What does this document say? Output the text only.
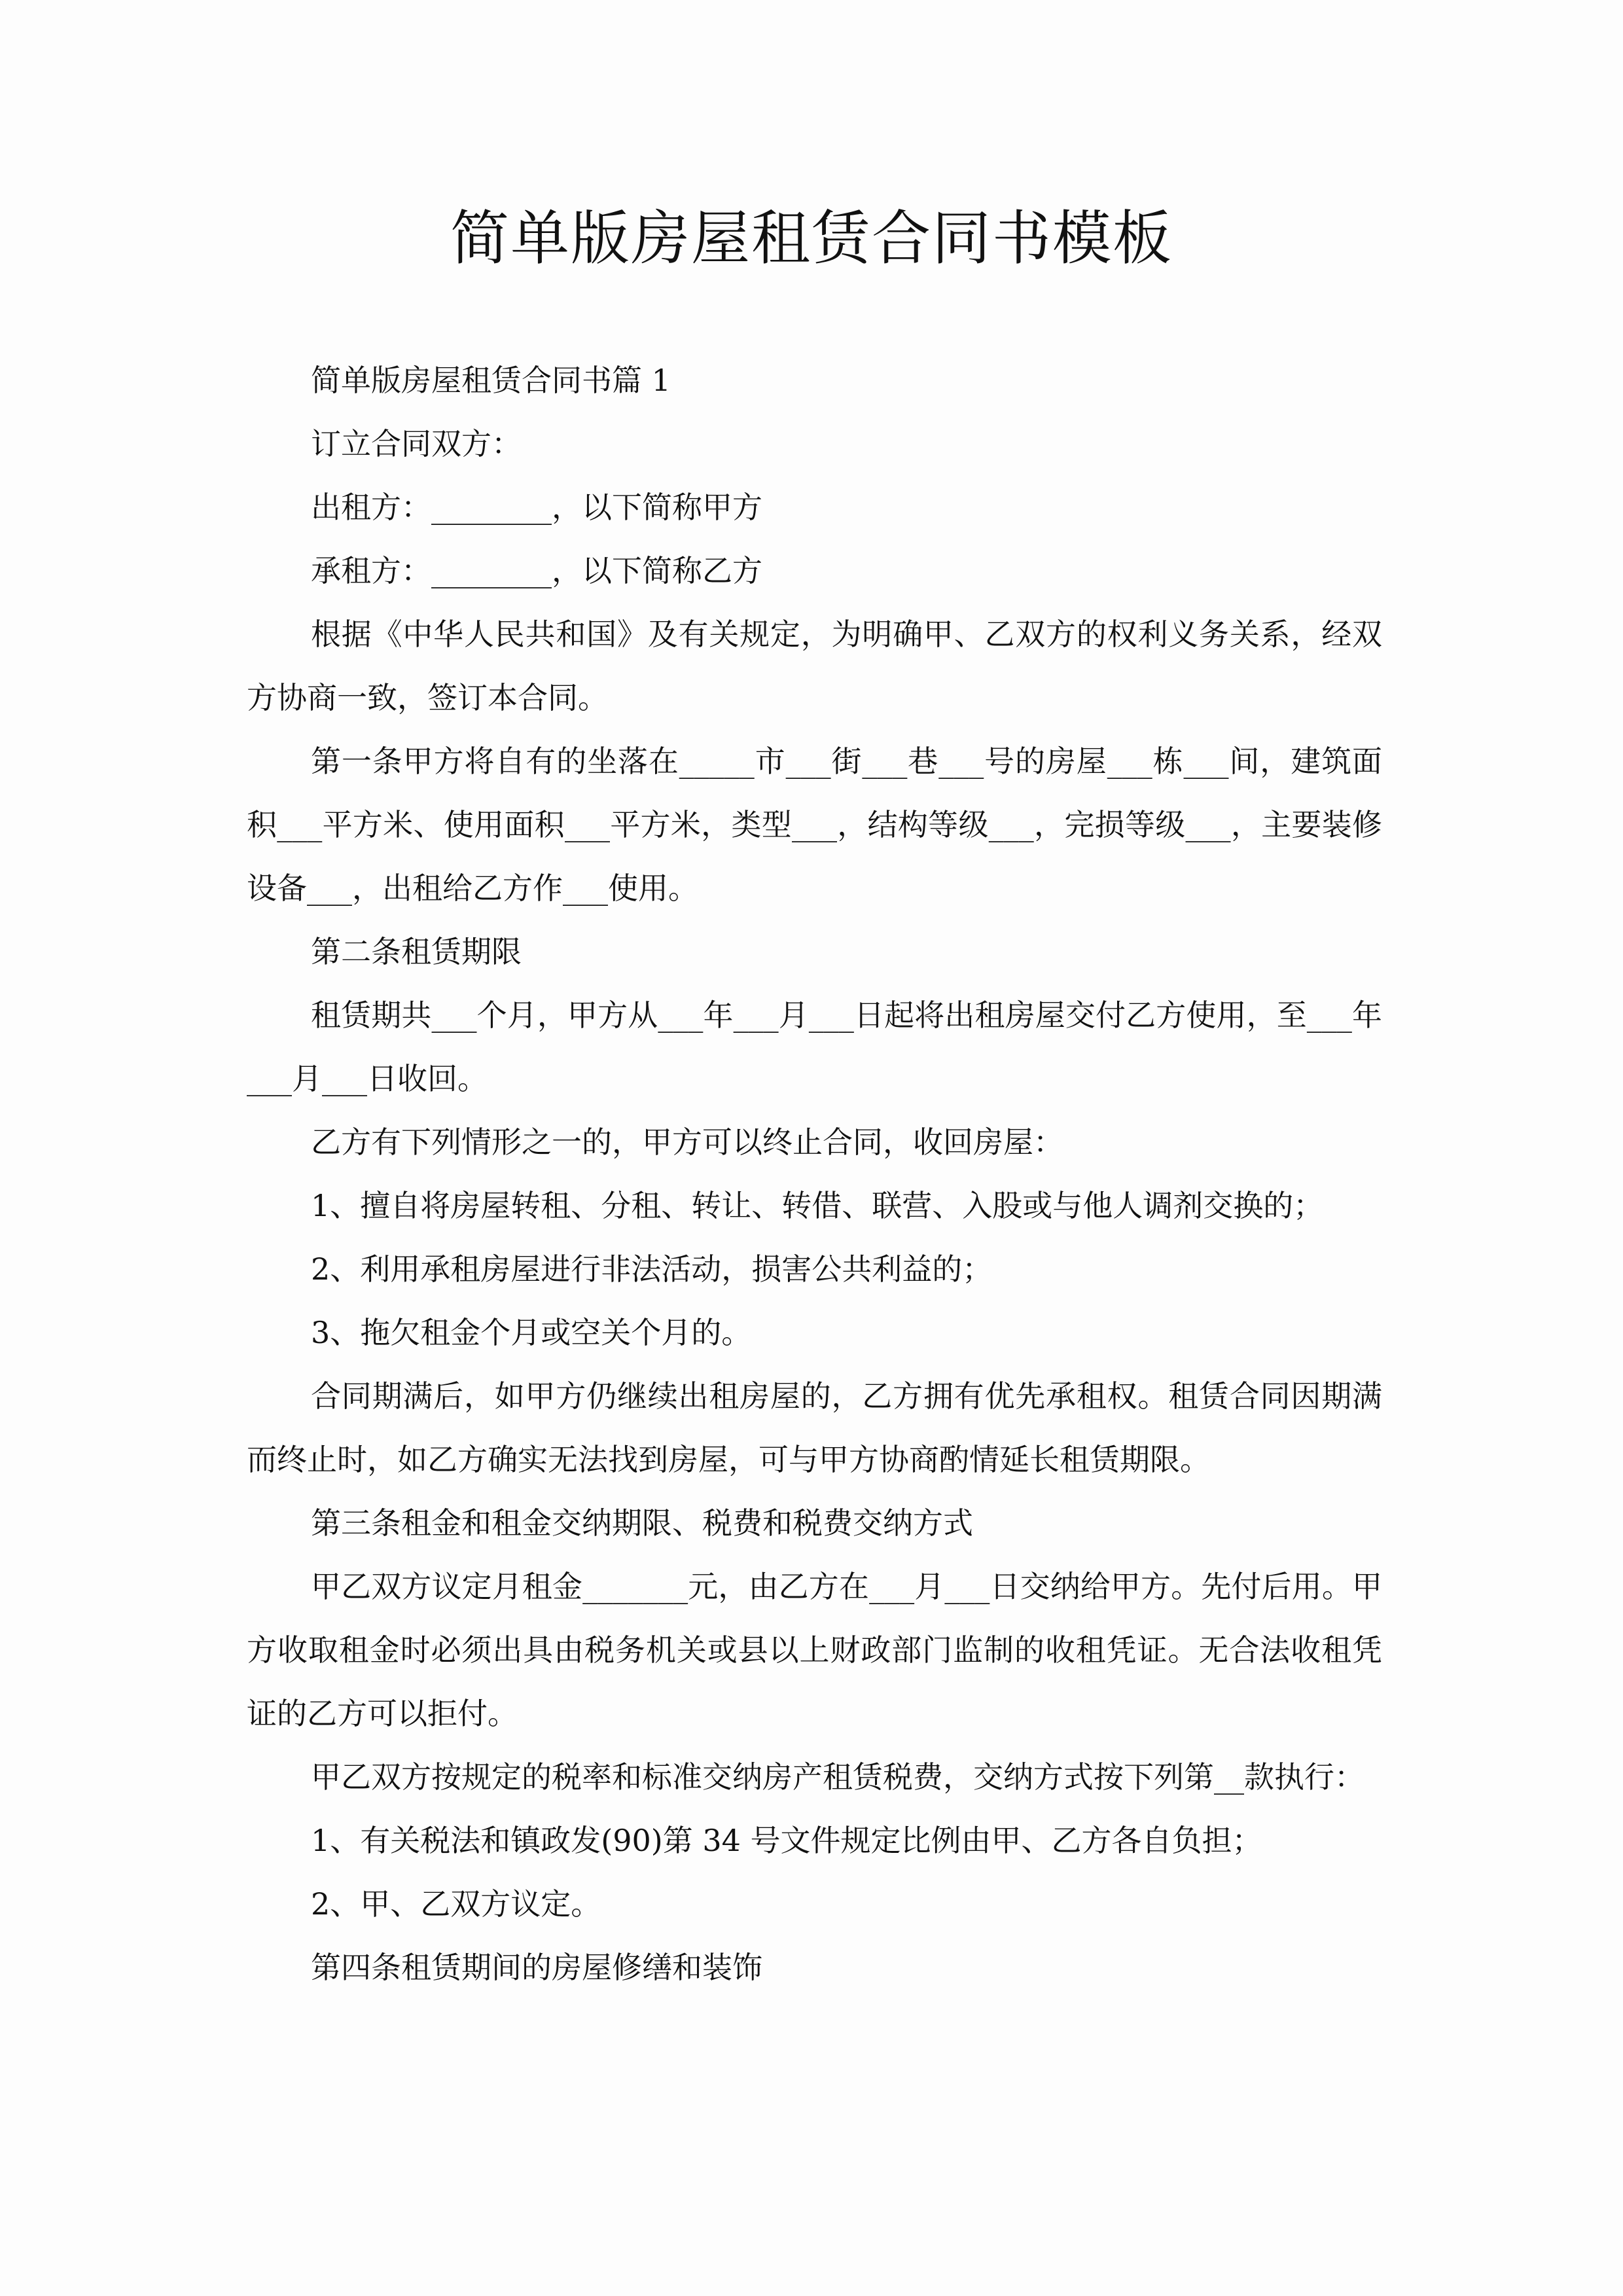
简单版房屋租赁合同书模板

简单版房屋租赁合同书篇 1

订立合同双方：

出租方：________，以下简称甲方

承租方：________，以下简称乙方

根据《中华人民共和国》及有关规定，为明确甲、乙双方的权利义务关系，经双方协商一致，签订本合同。

第一条甲方将自有的坐落在_____市___街___巷___号的房屋___栋___间，建筑面积___平方米、使用面积___平方米，类型___，结构等级___，完损等级___，主要装修设备___，出租给乙方作___使用。

第二条租赁期限

租赁期共___个月，甲方从___年___月___日起将出租房屋交付乙方使用，至___年___月___日收回。

乙方有下列情形之一的，甲方可以终止合同，收回房屋：

1、擅自将房屋转租、分租、转让、转借、联营、入股或与他人调剂交换的；

2、利用承租房屋进行非法活动，损害公共利益的；

3、拖欠租金个月或空关个月的。

合同期满后，如甲方仍继续出租房屋的，乙方拥有优先承租权。租赁合同因期满而终止时，如乙方确实无法找到房屋，可与甲方协商酌情延长租赁期限。

第三条租金和租金交纳期限、税费和税费交纳方式

甲乙双方议定月租金_______元，由乙方在___月___日交纳给甲方。先付后用。甲方收取租金时必须出具由税务机关或县以上财政部门监制的收租凭证。无合法收租凭证的乙方可以拒付。

甲乙双方按规定的税率和标准交纳房产租赁税费，交纳方式按下列第__款执行：

1、有关税法和镇政发(90)第 34 号文件规定比例由甲、乙方各自负担；

2、甲、乙双方议定。

第四条租赁期间的房屋修缮和装饰
